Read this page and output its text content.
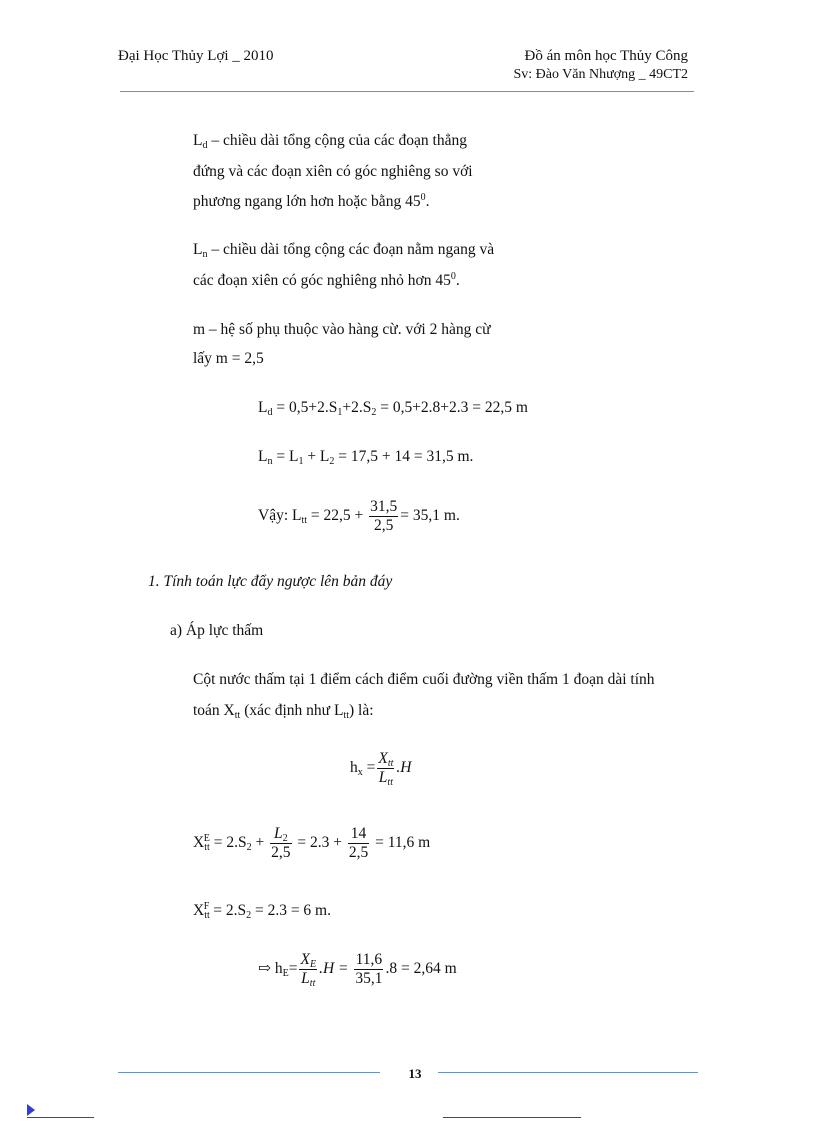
Đại Học Thủy Lợi _ 2010	Đồ án môn học Thủy Công
Sv: Đào Văn Nhượng _ 49CT2
$L_d$ – chiều dài tổng cộng của các đoạn thẳng
đứng và các đoạn xiên có góc nghiêng so với
phương ngang lớn hơn hoặc bằng $45^0$.
$L_n$ – chiều dài tổng cộng các đoạn nằm ngang và
các đoạn xiên có góc nghiêng nhỏ hơn $45^0$.
m – hệ số phụ thuộc vào hàng cừ. với 2 hàng cừ
lấy m = 2,5
$L_d = 0,5+2.S_1+2.S_2 = 0,5+2.8+2.3 = 22,5$ m
$L_n = L_1 + L_2 = 17,5 + 14 = 31,5$ m.
Vậy: $L_{tt} = 22,5 + \frac{31,5}{2,5} = 35,1$ m.
1. Tính toán lực đẩy ngược lên bản đáy
a) Áp lực thấm
Cột nước thấm tại 1 điểm cách điểm cuối đường viền thấm 1 đoạn dài tính
toán $X_{tt}$ (xác định như $L_{tt}$) là:
$h_x = \frac{X_{tt}}{L_{tt}} .H$
$X_{tt}^E = 2.S_2 + \frac{L_2}{2,5} = 2.3 + \frac{14}{2,5} = 11,6$ m
$X_{tt}^F = 2.S_2 = 2.3 = 6$ m.
⇨ $h_E= \frac{X_E}{L_{tt}} .H = \frac{11,6}{35,1} .8 = 2,64$ m
13
